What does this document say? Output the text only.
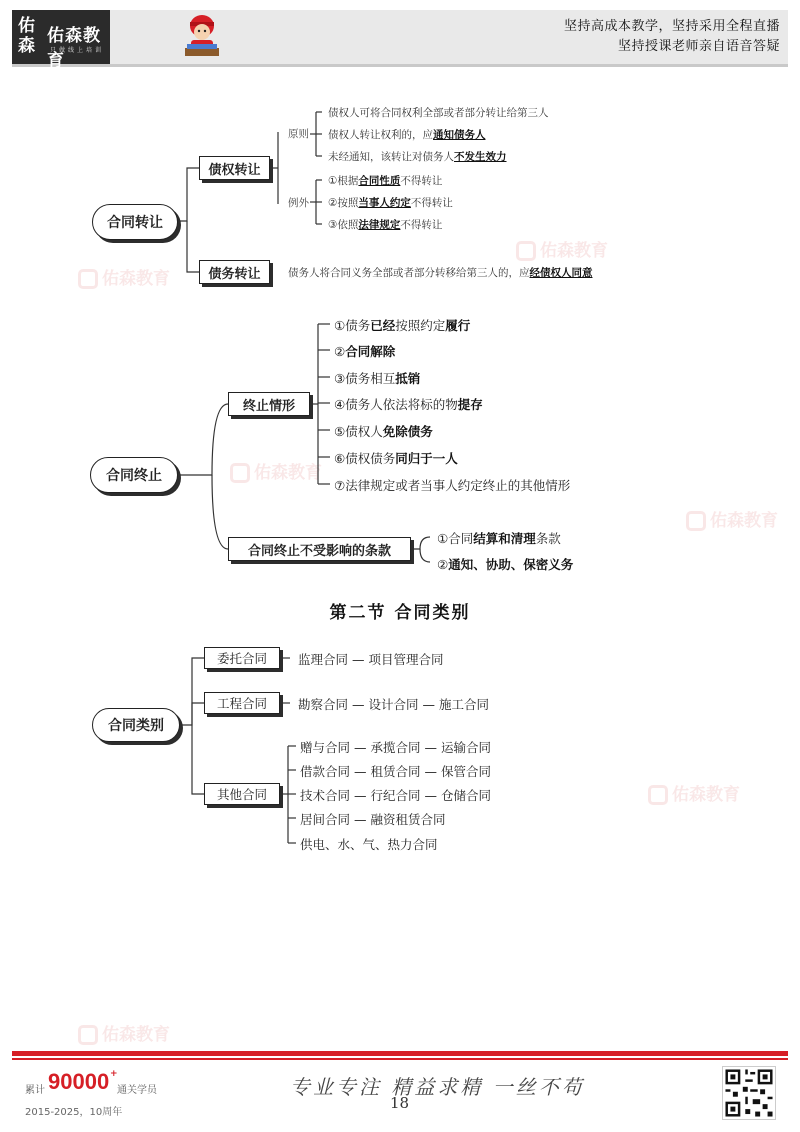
佑
森 佑森教育
只做线上培训
坚持高成本教学，坚持采用全程直播
坚持授课老师亲自语音答疑
佑森教育
佑森教育
佑森教育
佑森教育
佑森教育
佑森教育
合同转让
债权转让
原则
例外
债权人可将合同权利全部或者部分转让给第三人
债权人转让权利的，应通知债务人
未经通知，该转让对债务人不发生效力
①根据合同性质不得转让
②按照当事人约定不得转让
③依照法律规定不得转让
债务转让	债务人将合同义务全部或者部分转移给第三人的，应经债权人同意
合同终止
终止情形
①债务已经按照约定履行
②合同解除
③债务相互抵销
④债务人依法将标的物提存
⑤债权人免除债务
⑥债权债务同归于一人
⑦法律规定或者当事人约定终止的其他情形
合同终止不受影响的条款
①合同结算和清理条款
②通知、协助、保密义务
第二节 合同类别
合同类别
委托合同
工程合同
其他合同
监理合同 — 项目管理合同
勘察合同 — 设计合同 — 施工合同
赠与合同 — 承揽合同 — 运输合同
借款合同 — 租赁合同 — 保管合同
技术合同 — 行纪合同 — 仓储合同
居间合同 — 融资租赁合同
供电、水、气、热力合同
累计 90000 +
通关学员
2015-2025，10周年
专业专注 精益求精 一丝不苟
18
